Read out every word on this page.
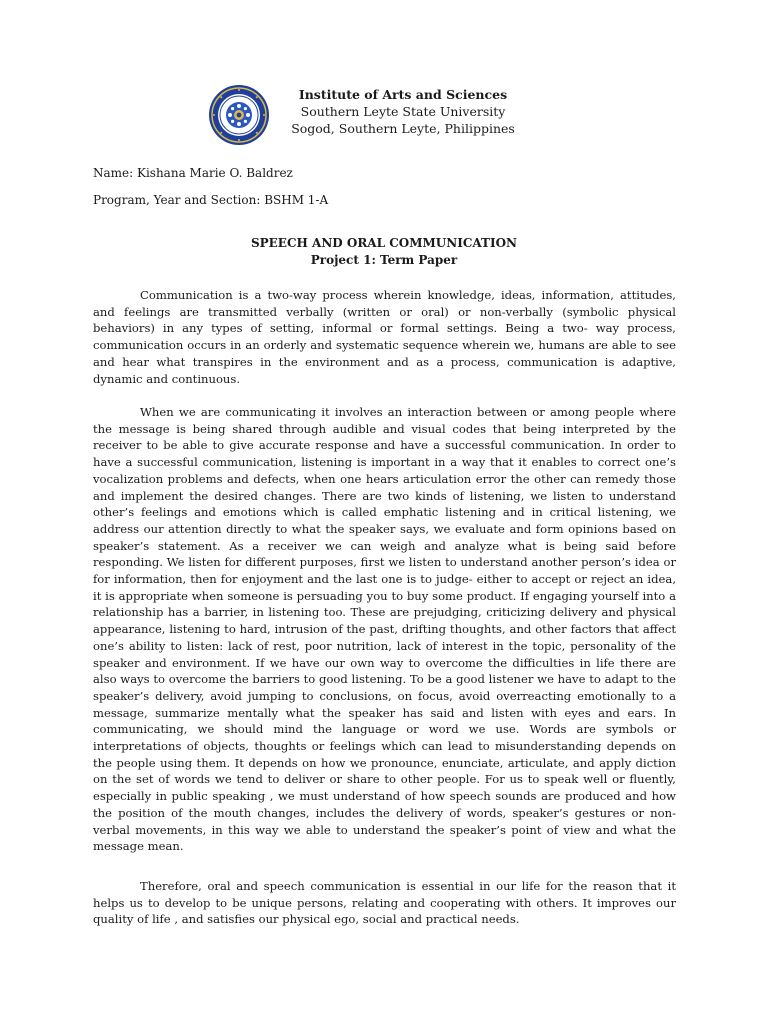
Institute of Arts and Sciences
Southern Leyte State University
Sogod, Southern Leyte, Philippines
Name: Kishana Marie O. Baldrez
Program, Year and Section: BSHM 1-A
SPEECH AND ORAL COMMUNICATION
Project 1: Term Paper

Communication is a two-way process wherein knowledge, ideas, information, attitudes, and feelings are transmitted verbally (written or oral) or non-verbally (symbolic physical behaviors) in any types of setting, informal or formal settings. Being a two- way process, communication occurs in an orderly and systematic sequence wherein we, humans are able to see and hear what transpires in the environment and as a process, communication is adaptive, dynamic and continuous.

When we are communicating it involves an interaction between or among people where the message is being shared through audible and visual codes that being interpreted by the receiver to be able to give accurate response and have a successful communication. In order to have a successful communication, listening is important in a way that it enables to correct one’s vocalization problems and defects, when one hears articulation error the other can remedy those and implement the desired changes. There are two kinds of listening, we listen to understand other’s feelings and emotions which is called emphatic listening and in critical listening, we address our attention directly to what the speaker says, we evaluate and form opinions based on speaker’s statement. As a receiver we can weigh and analyze what is being said before responding. We listen for different purposes, first we listen to understand another person’s idea or for information, then for enjoyment and the last one is to judge- either to accept or reject an idea, it is appropriate when someone is persuading you to buy some product. If engaging yourself into a relationship has a barrier, in listening too. These are prejudging, criticizing delivery and physical appearance, listening to hard, intrusion of the past, drifting thoughts, and other factors that affect one’s ability to listen: lack of rest, poor nutrition, lack of interest in the topic, personality of the speaker and environment. If we have our own way to overcome the difficulties in life there are also ways to overcome the barriers to good listening. To be a good listener we have to adapt to the speaker’s delivery, avoid jumping to conclusions, on focus, avoid overreacting emotionally to a message, summarize mentally what the speaker has said and listen with eyes and ears. In communicating, we should mind the language or word we use. Words are symbols or interpretations of objects, thoughts or feelings which can lead to misunderstanding depends on the people using them. It depends on how we pronounce, enunciate, articulate, and apply diction on the set of words we tend to deliver or share to other people. For us to speak well or fluently, especially in public speaking , we must understand of how speech sounds are produced and how the position of the mouth changes, includes the delivery of words, speaker’s gestures or non-verbal movements, in this way we able to understand the speaker’s point of view and what the message mean.

Therefore, oral and speech communication is essential in our life for the reason that it helps us to develop to be unique persons, relating and cooperating with others. It improves our quality of life , and satisfies our physical ego, social and practical needs.
